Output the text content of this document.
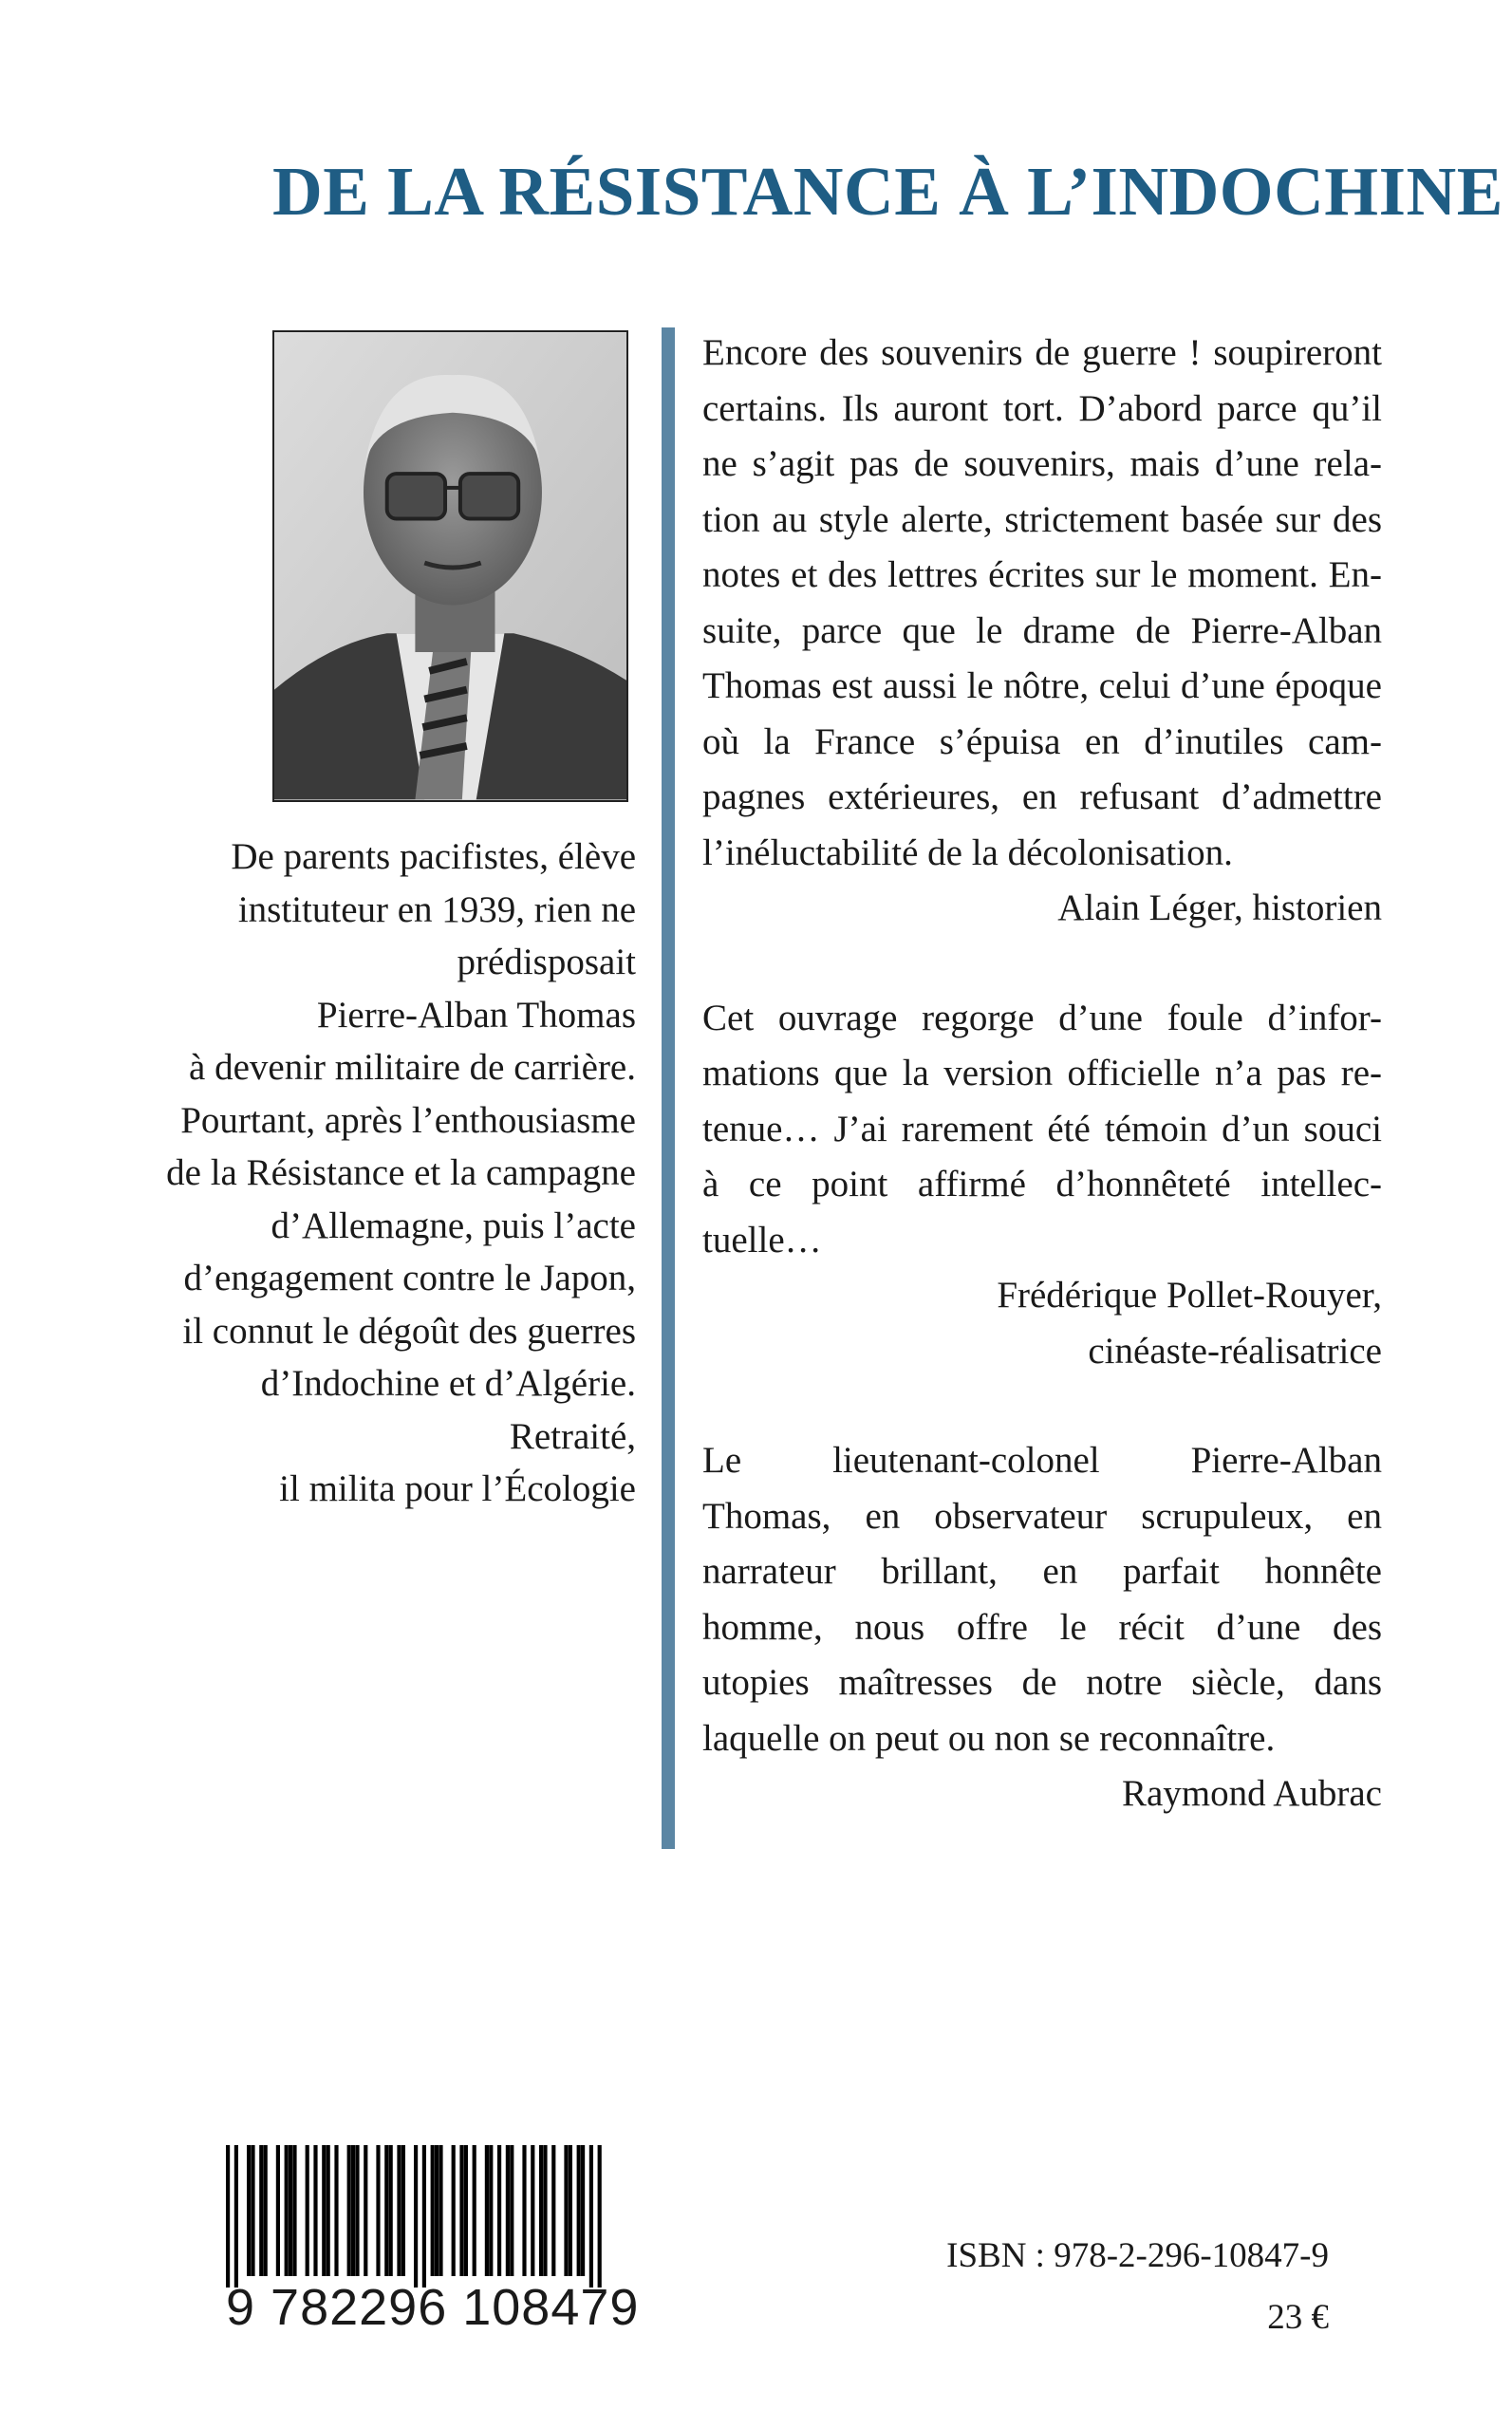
DE LA RÉSISTANCE À L’INDOCHINE
De parents pacifistes, élève
instituteur en 1939, rien ne
prédisposait
Pierre-Alban Thomas
à devenir militaire de carrière.
Pourtant, après l’enthousiasme
de la Résistance et la campagne
d’Allemagne, puis l’acte
d’engagement contre le Japon,
il connut le dégoût des guerres
d’Indochine et d’Algérie.
Retraité,
il milita pour l’Écologie
Encore des souvenirs de guerre ! soupireront
certains. Ils auront tort. D’abord parce qu’il
ne s’agit pas de souvenirs, mais d’une rela-
tion au style alerte, strictement basée sur des
notes et des lettres écrites sur le moment. En-
suite, parce que le drame de Pierre-Alban
Thomas est aussi le nôtre, celui d’une époque
où la France s’épuisa en d’inutiles cam-
pagnes extérieures, en refusant d’admettre
l’inéluctabilité de la décolonisation.
Alain Léger, historien
Cet ouvrage regorge d’une foule d’infor-
mations que la version officielle n’a pas re-
tenue… J’ai rarement été témoin d’un souci
à ce point affirmé d’honnêteté intellec-
tuelle…
Frédérique Pollet-Rouyer,
cinéaste-réalisatrice
Le lieutenant-colonel Pierre-Alban
Thomas, en observateur scrupuleux, en
narrateur brillant, en parfait honnête
homme, nous offre le récit d’une des
utopies maîtresses de notre siècle, dans
laquelle on peut ou non se reconnaître.
Raymond Aubrac
9 782296 108479
ISBN : 978-2-296-10847-9
23 €
